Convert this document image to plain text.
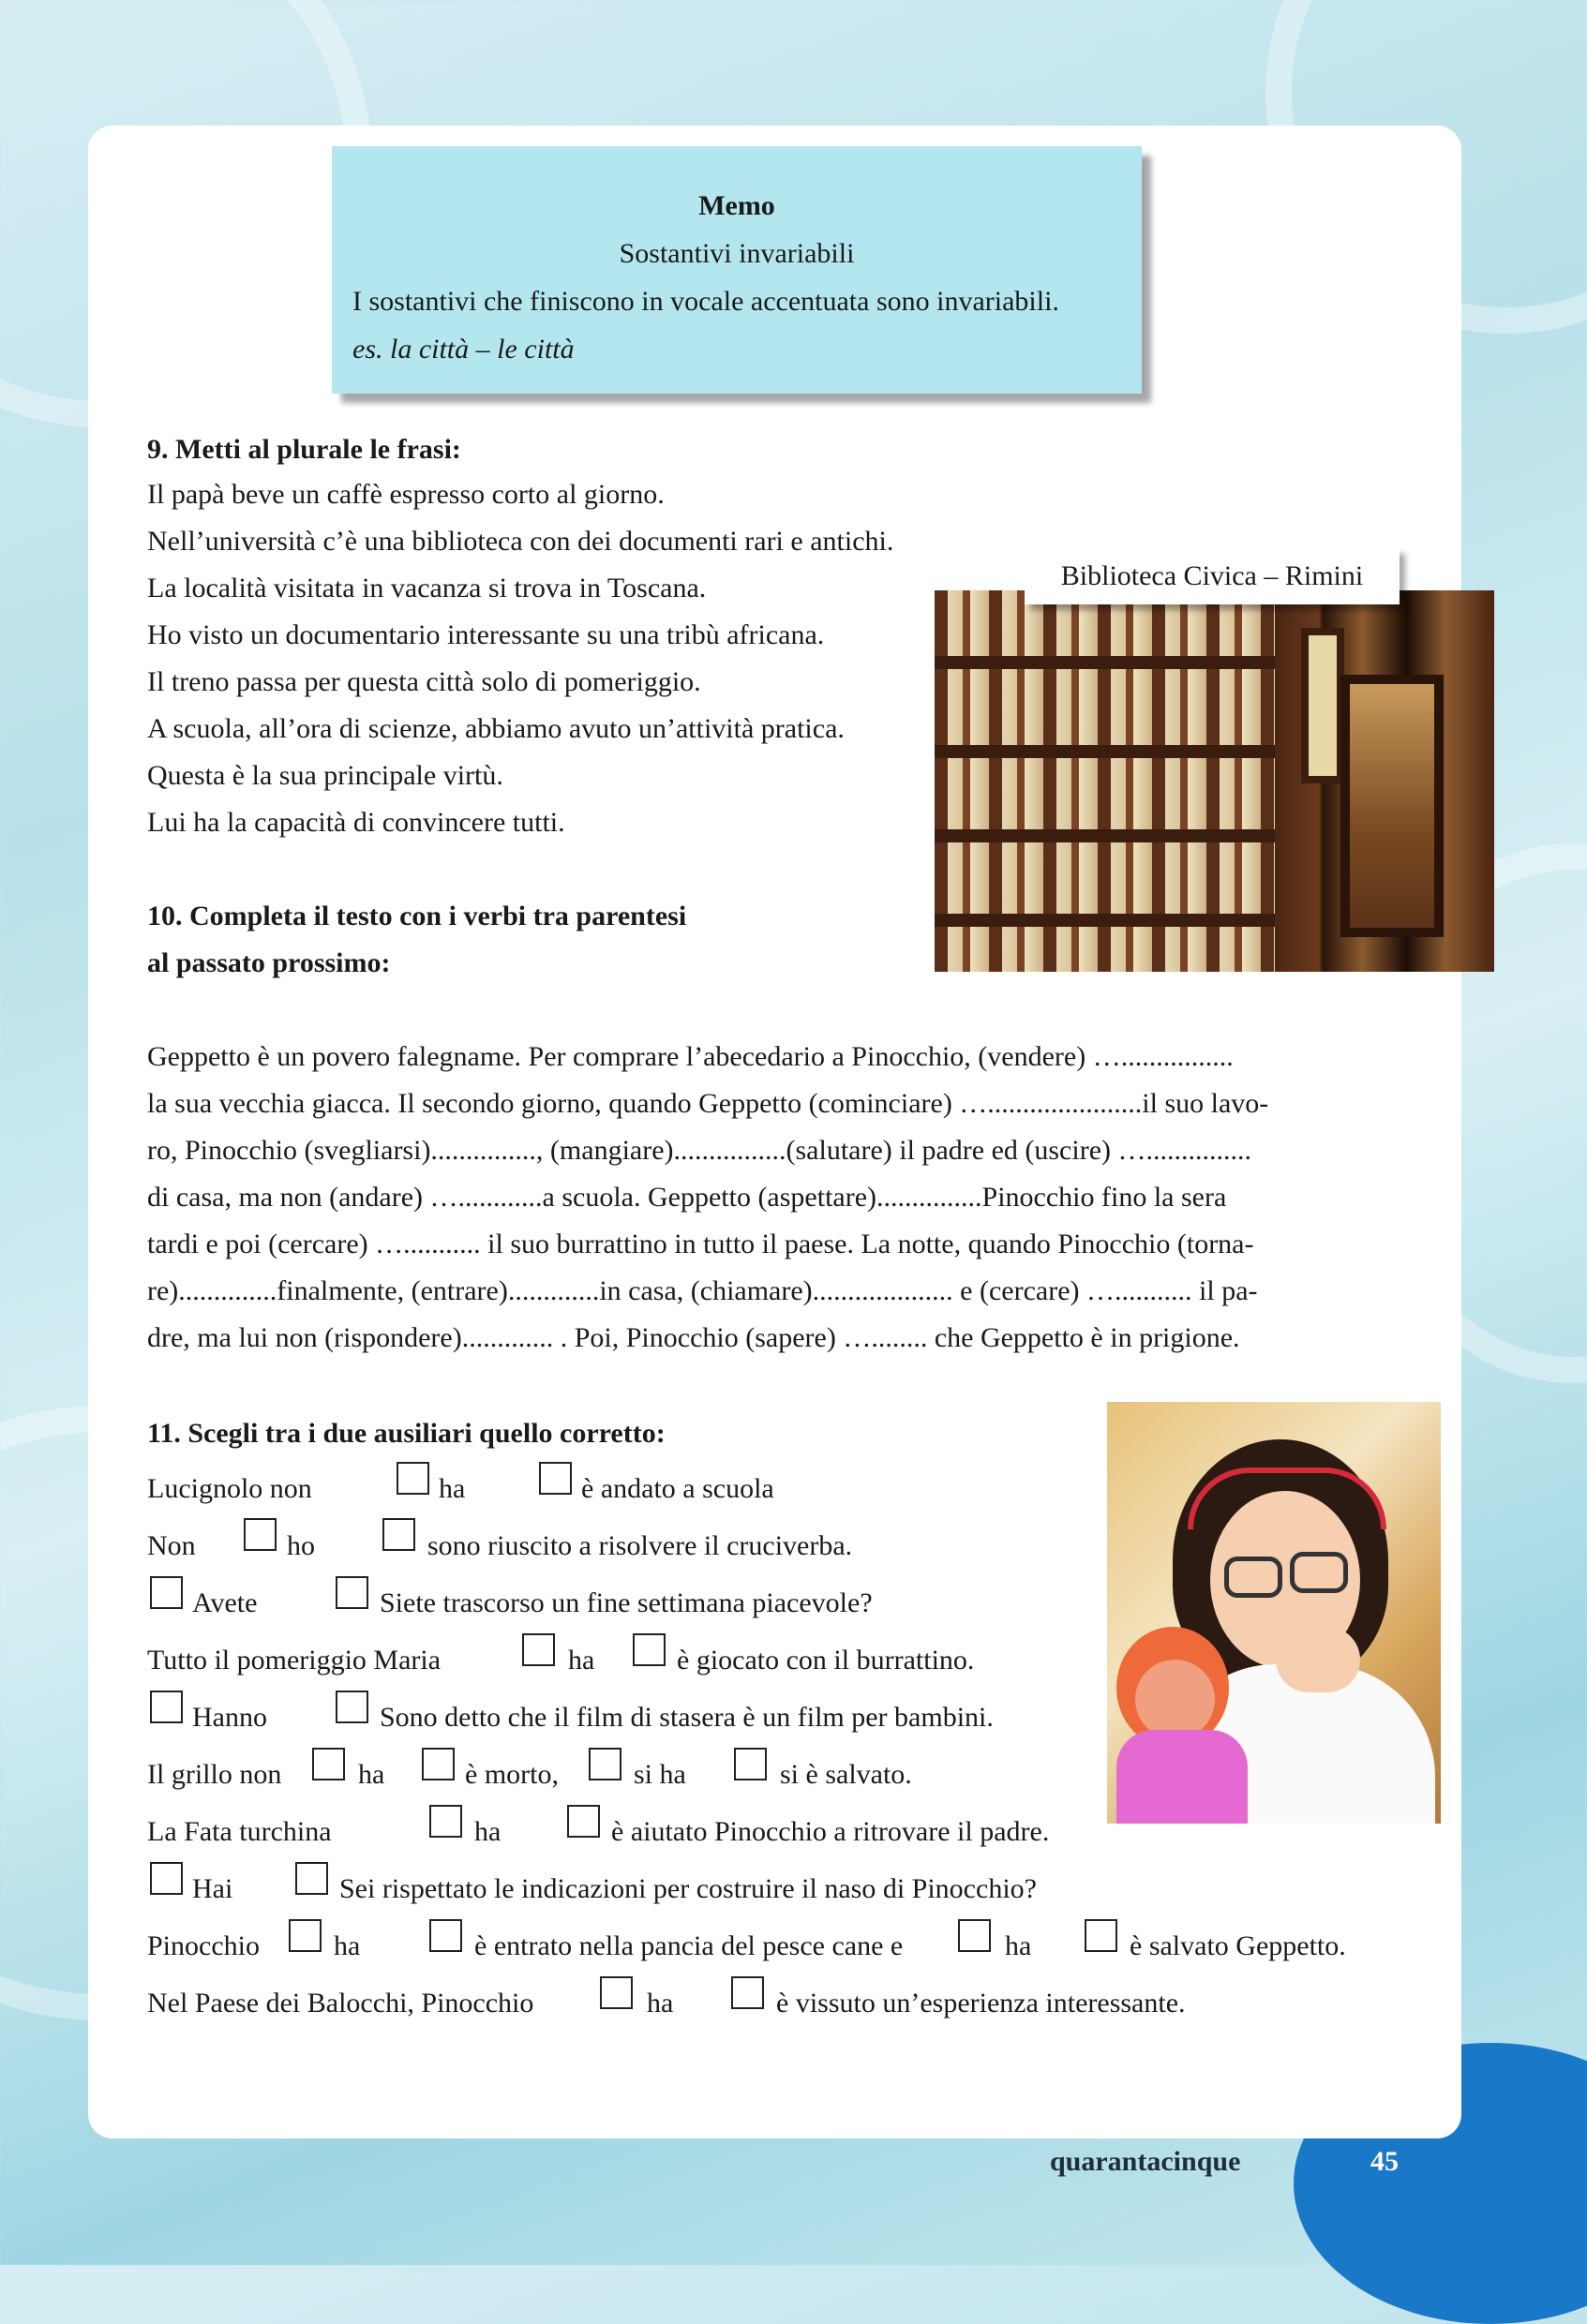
Memo
Sostantivi invariabili
I sostantivi che finiscono in vocale accentuata sono invariabili.
es. la città – le città
9. Metti al plurale le frasi:
Il papà beve un caffè espresso corto al giorno.
Nell’università c’è una biblioteca con dei documenti rari e antichi.
La località visitata in vacanza si trova in Toscana.
Ho visto un documentario interessante su una tribù africana.
Il treno passa per questa città solo di pomeriggio.
A scuola, all’ora di scienze, abbiamo avuto un’attività pratica.
Questa è la sua principale virtù.
Lui ha la capacità di convincere tutti.
Biblioteca Civica – Rimini
10. Completa il testo con i verbi tra parentesi
al passato prossimo:
Geppetto è un povero falegname. Per comprare l’abecedario a Pinocchio, (vendere) …................
la sua vecchia giacca. Il secondo giorno, quando Geppetto (cominciare) …......................il suo lavo-
ro, Pinocchio (svegliarsi)..............., (mangiare)................(salutare) il padre ed (uscire) …...............
di casa, ma non (andare) …............a scuola. Geppetto (aspettare)...............Pinocchio fino la sera
tardi e poi (cercare) …........... il suo burrattino in tutto il paese. La notte, quando Pinocchio (torna-
re)..............finalmente, (entrare).............in casa, (chiamare).................... e (cercare) …........... il pa-
dre, ma lui non (rispondere)............. . Poi, Pinocchio (sapere) …........ che Geppetto è in prigione.
11. Scegli tra i due ausiliari quello corretto:
Lucignolo non	ha	è andato a scuola
Non	ho	sono riuscito a risolvere il cruciverba.
Avete	Siete trascorso un fine settimana piacevole?
Tutto il pomeriggio Maria	ha	è giocato con il burrattino.
Hanno	Sono detto che il film di stasera è un film per bambini.
Il grillo non	ha	è morto,	si ha	si è salvato.
La Fata turchina	ha	è aiutato Pinocchio a ritrovare il padre.
Hai	Sei rispettato le indicazioni per costruire il naso di Pinocchio?
Pinocchio	ha	è entrato nella pancia del pesce cane e	ha	è salvato Geppetto.
Nel Paese dei Balocchi, Pinocchio	ha	è vissuto un’esperienza interessante.
quarantacinque	45
